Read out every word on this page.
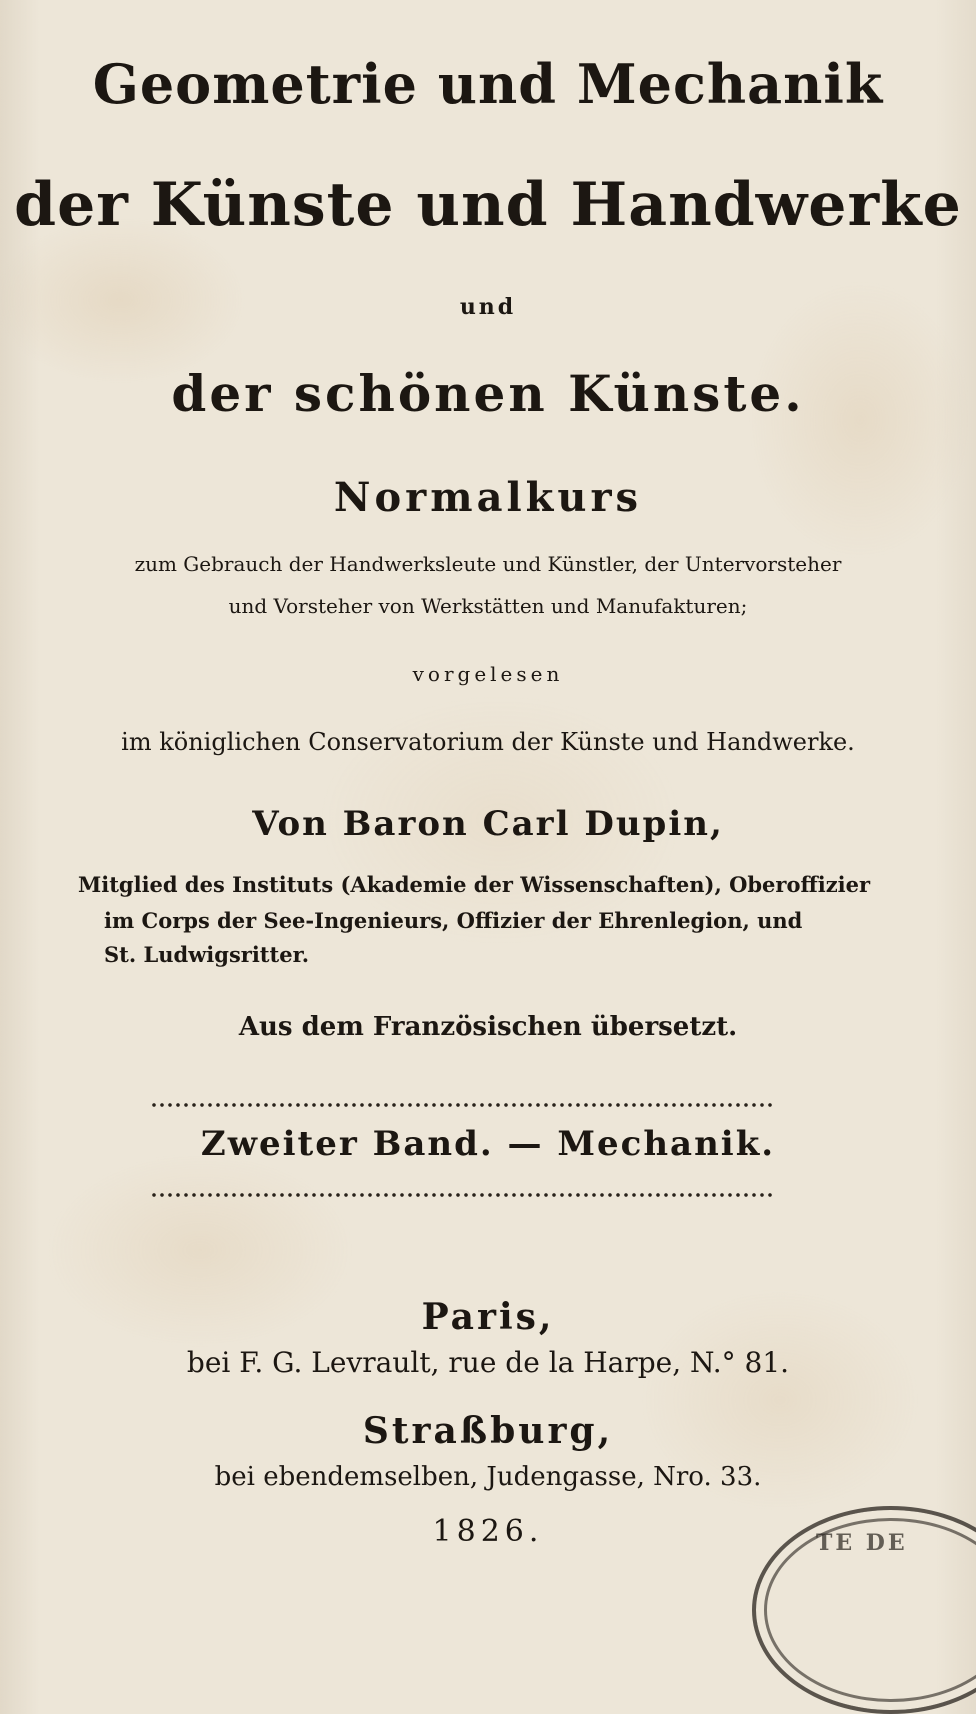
Geometrie und Mechanik
der Künste und Handwerke
und
der schönen Künste.
Normalkurs
zum Gebrauch der Handwerksleute und Künstler, der Untervorsteher
und Vorsteher von Werkstätten und Manufakturen;
vorgelesen
im königlichen Conservatorium der Künste und Handwerke.
Von Baron Carl Dupin,
Mitglied des Instituts (Akademie der Wissenschaften), Oberoffizier
im Corps der See-Ingenieurs, Offizier der Ehrenlegion, und
St. Ludwigsritter.
Aus dem Französischen übersetzt.
Zweiter Band. — Mechanik.
Paris,
bei F. G. Levrault, rue de la Harpe, N.° 81.
Straßburg,
bei ebendemselben, Judengasse, Nro. 33.
1826.	TE DE
